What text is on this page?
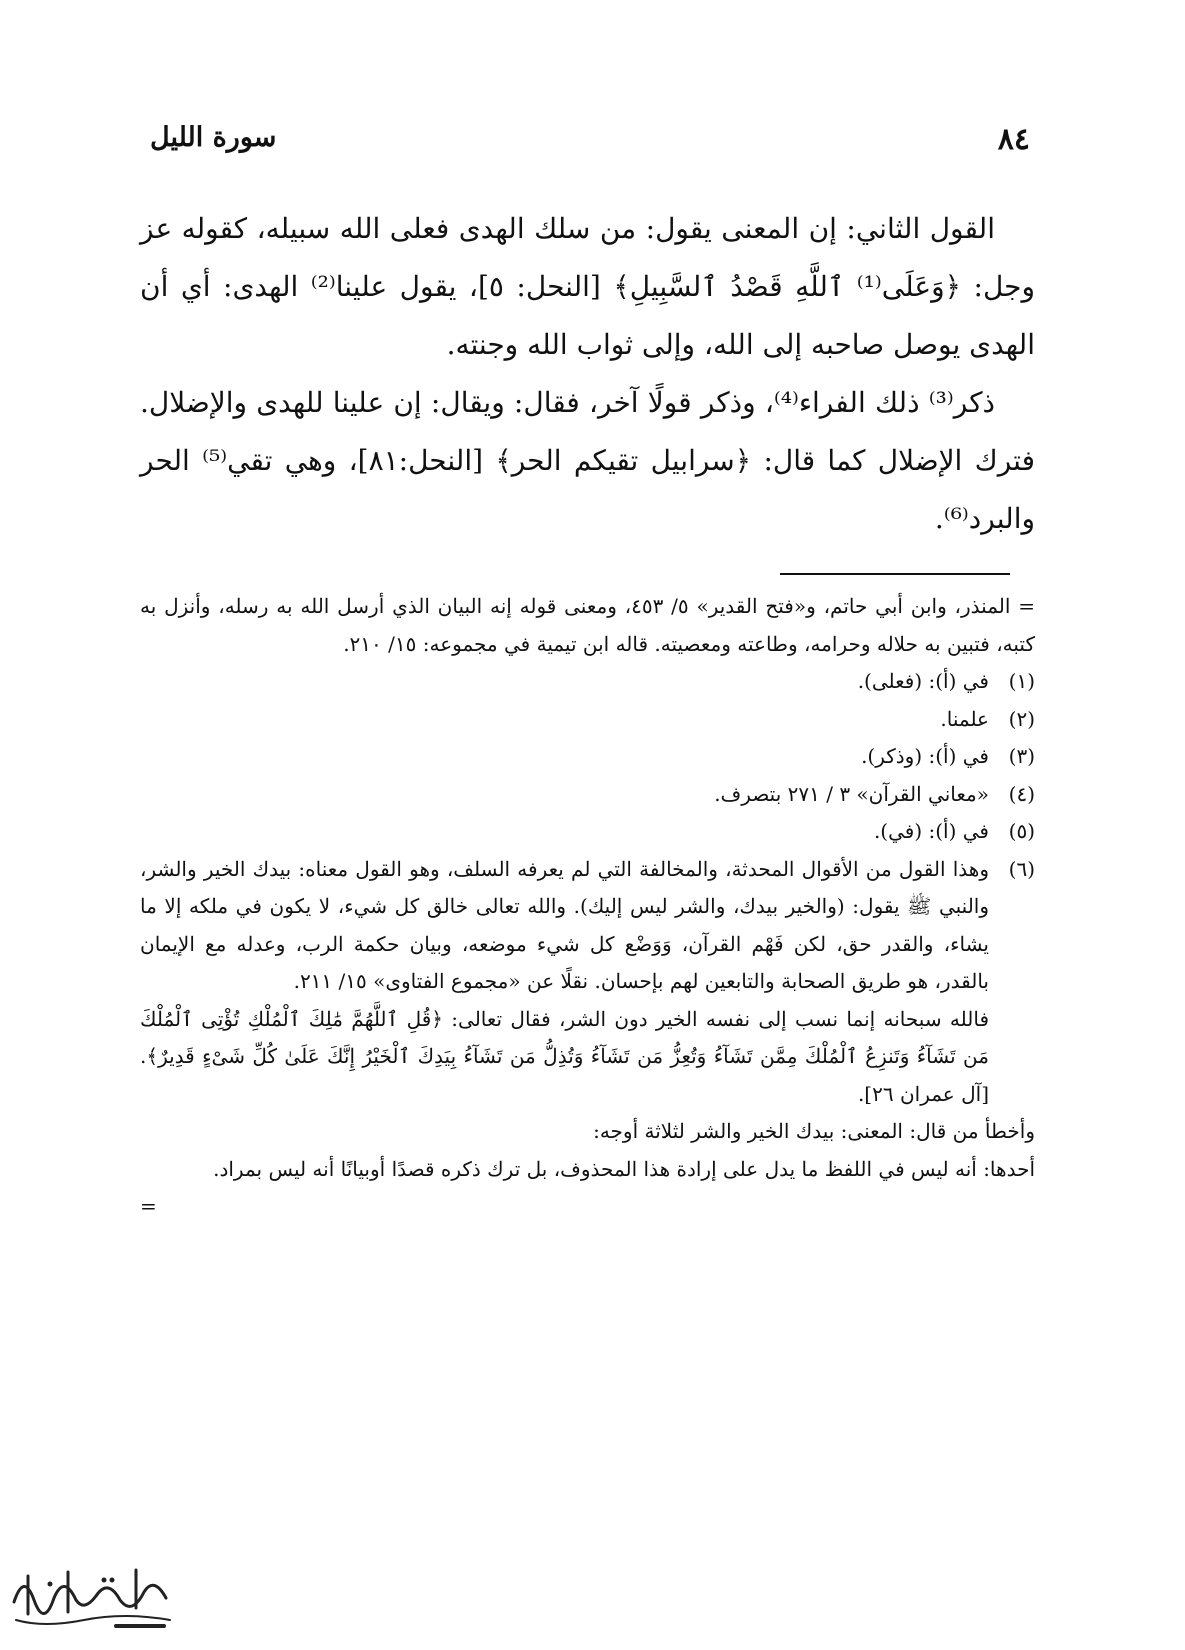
٨٤
سورة الليل

القول الثاني: إن المعنى يقول: من سلك الهدى فعلى الله سبيله، كقوله عز وجل: ﴿وَعَلَى⁽¹⁾ ٱللَّهِ قَصْدُ ٱلسَّبِيلِ﴾ [النحل: ٥]، يقول علينا⁽²⁾ الهدى: أي أن الهدى يوصل صاحبه إلى الله، وإلى ثواب الله وجنته.

ذكر⁽³⁾ ذلك الفراء⁽⁴⁾، وذكر قولًا آخر، فقال: ويقال: إن علينا للهدى والإضلال. فترك الإضلال كما قال: ﴿سرابيل تقيكم الحر﴾ [النحل:٨١]، وهي تقي⁽⁵⁾ الحر والبرد⁽⁶⁾.

= المنذر، وابن أبي حاتم، و«فتح القدير» ٥/ ٤٥٣، ومعنى قوله إنه البيان الذي أرسل الله به رسله، وأنزل به كتبه، فتبين به حلاله وحرامه، وطاعته ومعصيته. قاله ابن تيمية في مجموعه: ١٥/ ٢١٠.

(١)
في (أ): (فعلى).
(٢)
علمنا.
(٣)
في (أ): (وذكر).
(٤)
«معاني القرآن» ٣ / ٢٧١ بتصرف.
(٥)
في (أ): (في).
(٦)

وهذا القول من الأقوال المحدثة، والمخالفة التي لم يعرفه السلف، وهو القول معناه: بيدك الخير والشر، والنبي ﷺ يقول: (والخير بيدك، والشر ليس إليك). والله تعالى خالق كل شيء، لا يكون في ملكه إلا ما يشاء، والقدر حق، لكن فَهْم القرآن، وَوَضْع كل شيء موضعه، وبيان حكمة الرب، وعدله مع الإيمان بالقدر، هو طريق الصحابة والتابعين لهم بإحسان. نقلًا عن «مجموع الفتاوى» ١٥/ ٢١١.

فالله سبحانه إنما نسب إلى نفسه الخير دون الشر، فقال تعالى: ﴿قُلِ ٱللَّهُمَّ مَٰلِكَ ٱلْمُلْكِ تُؤْتِى ٱلْمُلْكَ مَن تَشَآءُ وَتَنزِعُ ٱلْمُلْكَ مِمَّن تَشَآءُ وَتُعِزُّ مَن تَشَآءُ وَتُذِلُّ مَن تَشَآءُ بِيَدِكَ ٱلْخَيْرُ إِنَّكَ عَلَىٰ كُلِّ شَىْءٍ قَدِيرٌ﴾. [آل عمران ٢٦].

وأخطأ من قال: المعنى: بيدك الخير والشر لثلاثة أوجه:

أحدها: أنه ليس في اللفظ ما يدل على إرادة هذا المحذوف، بل ترك ذكره قصدًا أوبيانًا أنه ليس بمراد.

=
